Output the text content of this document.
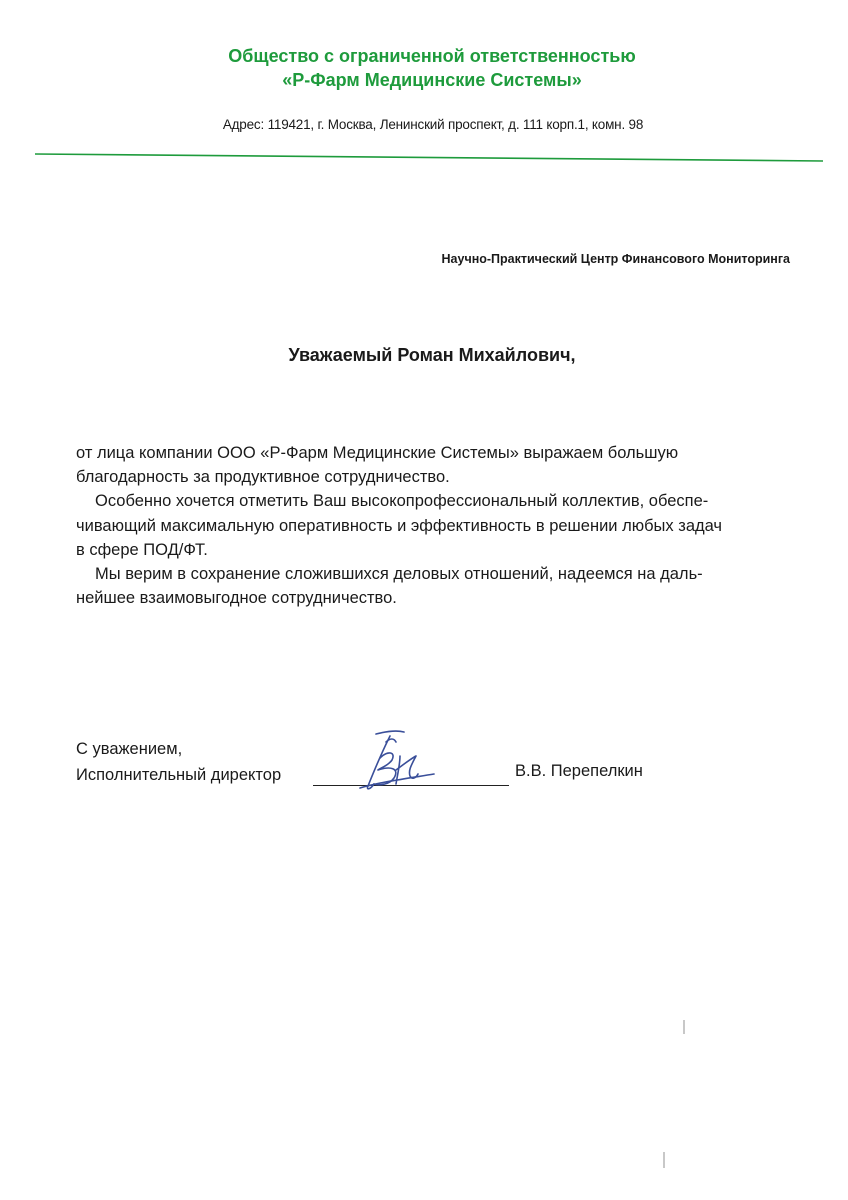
Общество с ограниченной ответственностью
«Р-Фарм Медицинские Системы»
Адрес: 119421, г. Москва, Ленинский проспект, д. 111 корп.1, комн. 98
Научно-Практический Центр Финансового Мониторинга
Уважаемый Роман Михайлович,
от лица компании ООО «Р-Фарм Медицинские Системы» выражаем большую
благодарность за продуктивное сотрудничество.
Особенно хочется отметить Ваш высокопрофессиональный коллектив, обеспе-
чивающий максимальную оперативность и эффективность в решении любых задач
в сфере ПОД/ФТ.
Мы верим в сохранение сложившихся деловых отношений, надеемся на даль-
нейшее взаимовыгодное сотрудничество.
С уважением,
Исполнительный директор	В.В. Перепелкин
